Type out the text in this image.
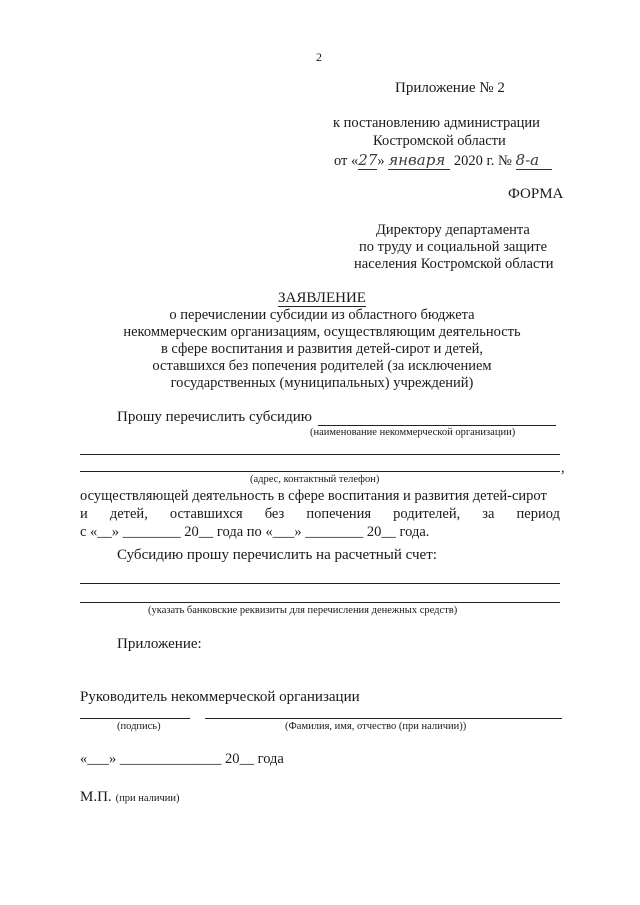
2
Приложение № 2
к постановлению администрации
Костромской области
от «27» января 2020 г. № 8-а
ФОРМА
Директору департамента
по труду и социальной защите
населения Костромской области
ЗАЯВЛЕНИЕ
о перечислении субсидии из областного бюджета
некоммерческим организациям, осуществляющим деятельность
в сфере воспитания и развития детей-сирот и детей,
оставшихся без попечения родителей (за исключением
государственных (муниципальных) учреждений)
Прошу перечислить субсидию
(наименование некоммерческой организации)
,
(адрес, контактный телефон)
осуществляющей деятельность в сфере воспитания и развития детей-сирот
и детей, оставшихся без попечения родителей, за период
с «__» ________ 20__ года по «___» ________ 20__ года.
Субсидию прошу перечислить на расчетный счет:
(указать банковские реквизиты для перечисления денежных средств)
Приложение:
Руководитель некоммерческой организации
(подпись)	(Фамилия, имя, отчество (при наличии))
«___» ______________ 20__ года
М.П. (при наличии)
